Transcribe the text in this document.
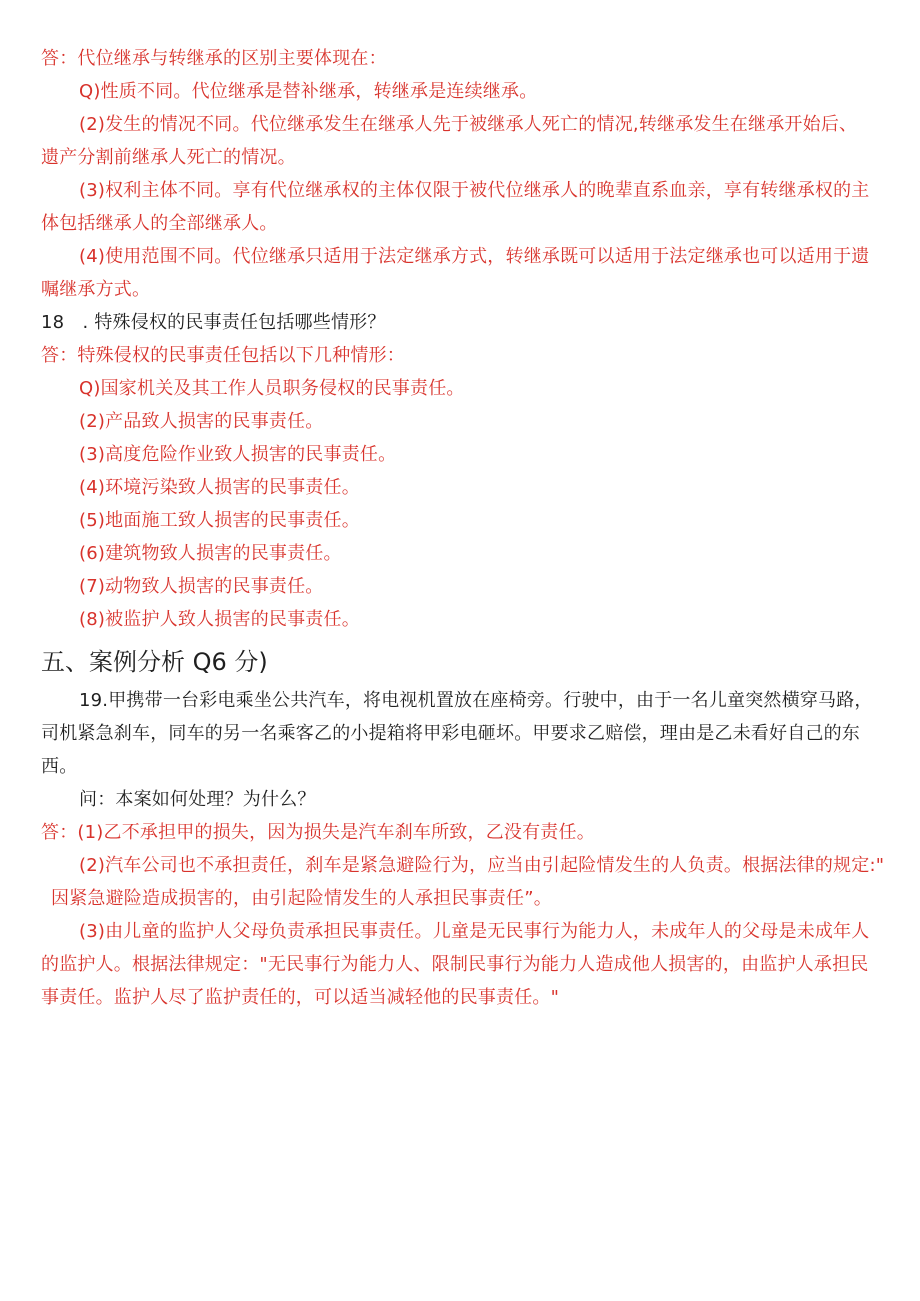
答：代位继承与转继承的区别主要体现在：
Q)性质不同。代位继承是替补继承，转继承是连续继承。
(2)发生的情况不同。代位继承发生在继承人先于被继承人死亡的情况,转继承发生在继承开始后、
遗产分割前继承人死亡的情况。
(3)权利主体不同。享有代位继承权的主体仅限于被代位继承人的晚辈直系血亲，享有转继承权的主
体包括继承人的全部继承人。
(4)使用范围不同。代位继承只适用于法定继承方式，转继承既可以适用于法定继承也可以适用于遗
嘱继承方式。
18　. 特殊侵权的民事责任包括哪些情形？
答：特殊侵权的民事责任包括以下几种情形：
Q)国家机关及其工作人员职务侵权的民事责任。
(2)产品致人损害的民事责任。
(3)高度危险作业致人损害的民事责任。
(4)环境污染致人损害的民事责任。
(5)地面施工致人损害的民事责任。
(6)建筑物致人损害的民事责任。
(7)动物致人损害的民事责任。
(8)被监护人致人损害的民事责任。
五、案例分析 Q6 分)
19.甲携带一台彩电乘坐公共汽车，将电视机置放在座椅旁。行驶中，由于一名儿童突然横穿马路，
司机紧急刹车，同车的另一名乘客乙的小提箱将甲彩电砸坏。甲要求乙赔偿，理由是乙未看好自己的东
西。
问：本案如何处理？为什么？
答：(1)乙不承担甲的损失，因为损失是汽车刹车所致，乙没有责任。
(2)汽车公司也不承担责任，刹车是紧急避险行为，应当由引起险情发生的人负责。根据法律的规定:"
因紧急避险造成损害的，由引起险情发生的人承担民事责任”。
(3)由儿童的监护人父母负责承担民事责任。儿童是无民事行为能力人，未成年人的父母是未成年人
的监护人。根据法律规定："无民事行为能力人、限制民事行为能力人造成他人损害的，由监护人承担民
事责任。监护人尽了监护责任的，可以适当减轻他的民事责任。"
